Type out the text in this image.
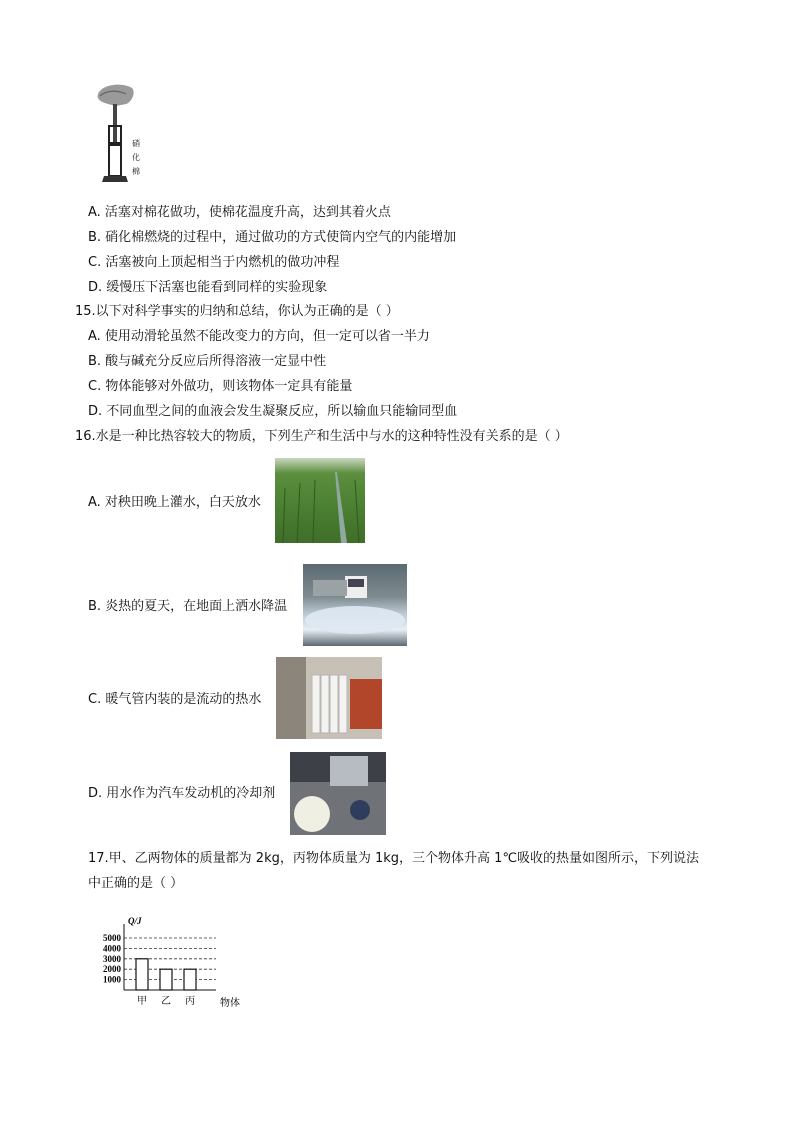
硝
化
棉
A. 活塞对棉花做功，使棉花温度升高，达到其着火点
B. 硝化棉燃烧的过程中，通过做功的方式使筒内空气的内能增加
C. 活塞被向上顶起相当于内燃机的做功冲程
D. 缓慢压下活塞也能看到同样的实验现象
15.以下对科学事实的归纳和总结，你认为正确的是（ ）
A. 使用动滑轮虽然不能改变力的方向，但一定可以省一半力
B. 酸与碱充分反应后所得溶液一定显中性
C. 物体能够对外做功，则该物体一定具有能量
D. 不同血型之间的血液会发生凝聚反应，所以输血只能输同型血
16.水是一种比热容较大的物质，下列生产和生活中与水的这种特性没有关系的是（ ）
A. 对秧田晚上灌水，白天放水
B. 炎热的夏天，在地面上洒水降温
C. 暖气管内装的是流动的热水
D. 用水作为汽车发动机的冷却剂
17.甲、乙两物体的质量都为 2kg，丙物体质量为 1kg，三个物体升高 1℃吸收的热量如图所示，下列说法
中正确的是（ ）
Q/J
1000
2000
3000
4000
5000
甲 乙 丙	物体
